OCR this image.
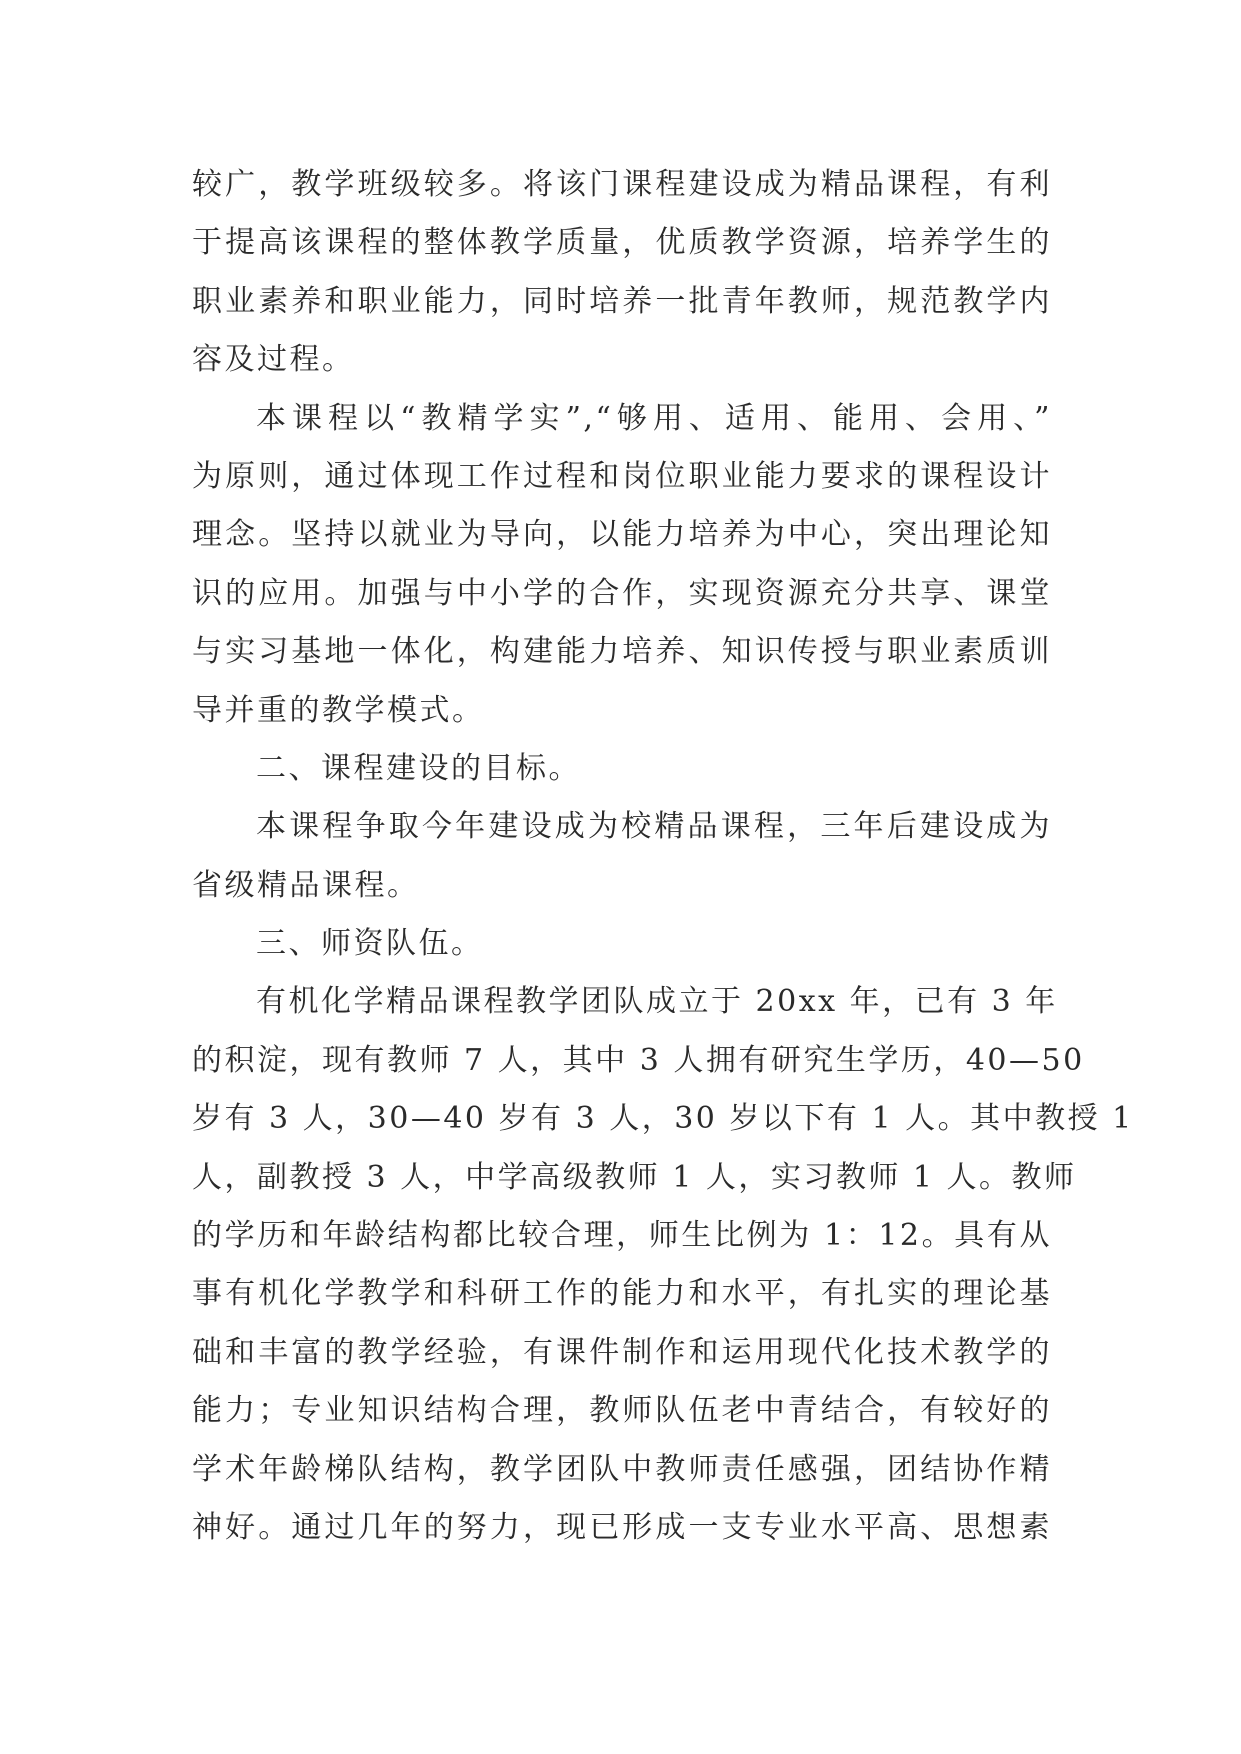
较广，教学班级较多。将该门课程建设成为精品课程，有利
于提高该课程的整体教学质量，优质教学资源，培养学生的
职业素养和职业能力，同时培养一批青年教师，规范教学内
容及过程。
本课程以“教精学实”,“够用、适用、能用、会用、”
为原则，通过体现工作过程和岗位职业能力要求的课程设计
理念。坚持以就业为导向，以能力培养为中心，突出理论知
识的应用。加强与中小学的合作，实现资源充分共享、课堂
与实习基地一体化，构建能力培养、知识传授与职业素质训
导并重的教学模式。
二、课程建设的目标。
本课程争取今年建设成为校精品课程，三年后建设成为
省级精品课程。
三、师资队伍。
有机化学精品课程教学团队成立于 20xx 年，已有 3 年
的积淀，现有教师 7 人，其中 3 人拥有研究生学历，40—50
岁有 3 人，30—40 岁有 3 人，30 岁以下有 1 人。其中教授 1
人，副教授 3 人，中学高级教师 1 人，实习教师 1 人。教师
的学历和年龄结构都比较合理，师生比例为 1：12。具有从
事有机化学教学和科研工作的能力和水平，有扎实的理论基
础和丰富的教学经验，有课件制作和运用现代化技术教学的
能力；专业知识结构合理，教师队伍老中青结合，有较好的
学术年龄梯队结构，教学团队中教师责任感强，团结协作精
神好。通过几年的努力，现已形成一支专业水平高、思想素
